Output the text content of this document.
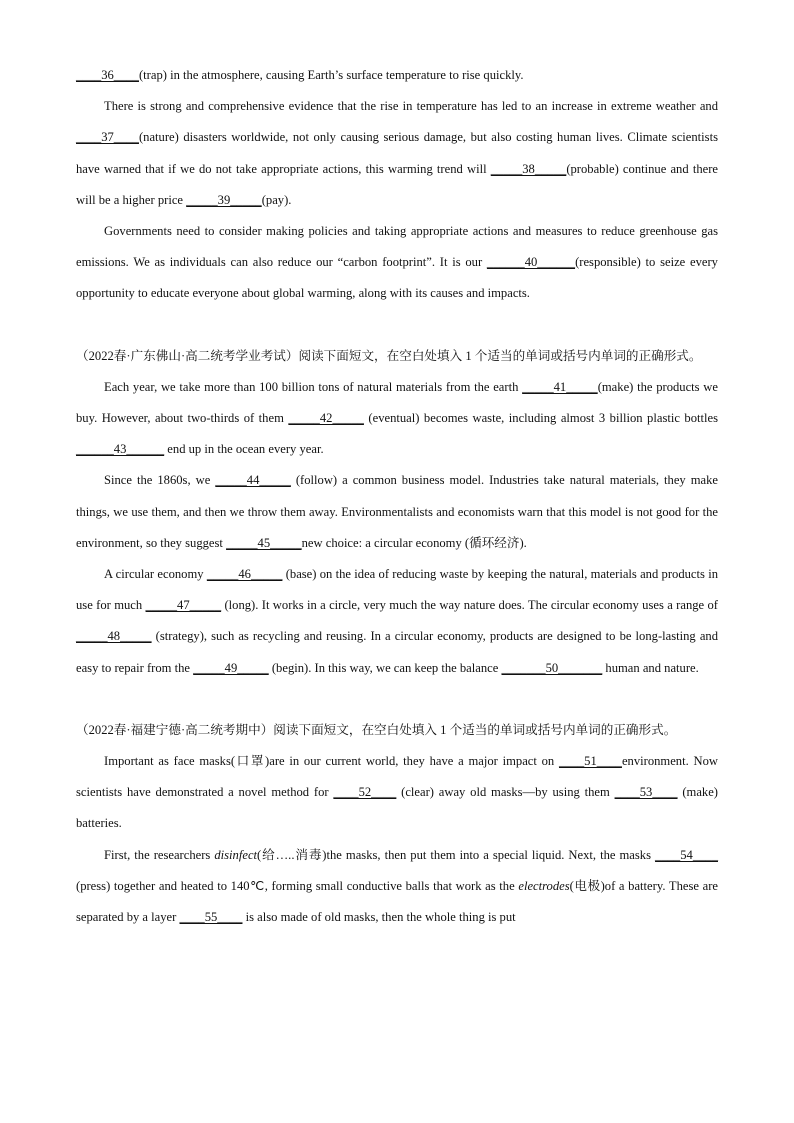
____36____(trap) in the atmosphere, causing Earth’s surface temperature to rise quickly.

There is strong and comprehensive evidence that the rise in temperature has led to an increase in extreme weather and ____37____(nature) disasters worldwide, not only causing serious damage, but also costing human lives. Climate scientists have warned that if we do not take appropriate actions, this warming trend will _____38_____(probable) continue and there will be a higher price _____39_____(pay).

Governments need to consider making policies and taking appropriate actions and measures to reduce greenhouse gas emissions. We as individuals can also reduce our “carbon footprint”. It is our ______40______(responsible) to seize every opportunity to educate everyone about global warming, along with its causes and impacts.

（2022春·广东佛山·高二统考学业考试）阅读下面短文，在空白处填入 1 个适当的单词或括号内单词的正确形式。

Each year, we take more than 100 billion tons of natural materials from the earth _____41_____(make) the products we buy. However, about two-thirds of them _____42_____ (eventual) becomes waste, including almost 3 billion plastic bottles ______43______ end up in the ocean every year.

Since the 1860s, we _____44_____ (follow) a common business model. Industries take natural materials, they make things, we use them, and then we throw them away. Environmentalists and economists warn that this model is not good for the environment, so they suggest _____45_____new choice: a circular economy (循环经济).

A circular economy _____46_____ (base) on the idea of reducing waste by keeping the natural, materials and products in use for much _____47_____ (long). It works in a circle, very much the way nature does. The circular economy uses a range of _____48_____ (strategy), such as recycling and reusing. In a circular economy, products are designed to be long-lasting and easy to repair from the _____49_____ (begin). In this way, we can keep the balance _______50_______ human and nature.

（2022春·福建宁德·高二统考期中）阅读下面短文，在空白处填入 1 个适当的单词或括号内单词的正确形式。

Important as face masks(口罩)are in our current world, they have a major impact on ____51____environment. Now scientists have demonstrated a novel method for ____52____ (clear) away old masks—by using them ____53____ (make) batteries.

First, the researchers disinfect(给…..消毒)the masks, then put them into a special liquid. Next, the masks ____54____ (press) together and heated to 140℃, forming small conductive balls that work as the electrodes(电极)of a battery. These are separated by a layer ____55____ is also made of old masks, then the whole thing is put
